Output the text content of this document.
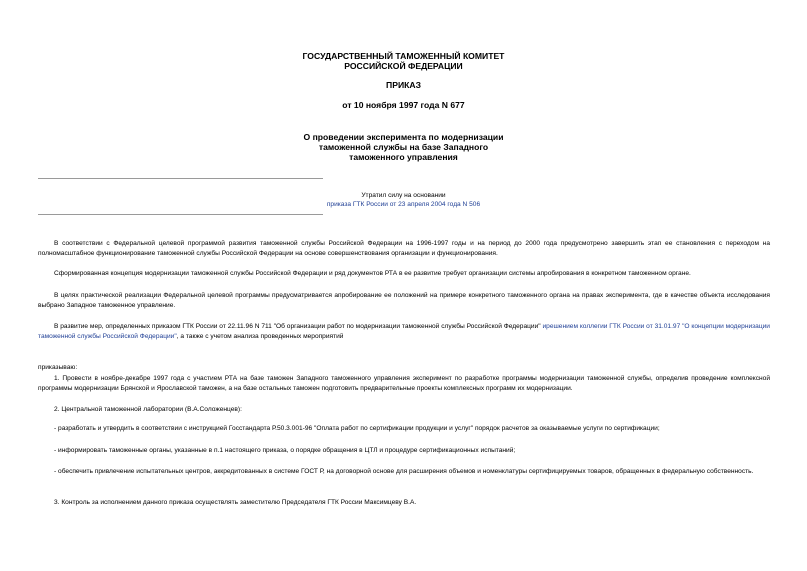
ГОСУДАРСТВЕННЫЙ ТАМОЖЕННЫЙ КОМИТЕТ
РОССИЙСКОЙ ФЕДЕРАЦИИ
ПРИКАЗ
от 10 ноября 1997 года N 677
О проведении эксперимента по модернизации
таможенной службы на базе Западного
таможенного управления
Утратил силу на основании
приказа ГТК России от 23 апреля 2004 года N 506
В соответствии с Федеральной целевой программой развития таможенной службы Российской Федерации на 1996-1997 годы и на период до 2000 года предусмотрено завершить этап ее становления с переходом на полномасштабное функционирование таможенной службы Российской Федерации на основе совершенствования организации и функционирования.
Сформированная концепция модернизации таможенной службы Российской Федерации и ряд документов РТА в ее развитие требует организации системы апробирования в конкретном таможенном органе.
В целях практической реализации Федеральной целевой программы предусматривается апробирование ее положений на примере конкретного таможенного органа на правах эксперимента, где в качестве объекта исследования выбрано Западное таможенное управление.
В развитие мер, определенных приказом ГТК России от 22.11.96 N 711 "Об организации работ по модернизации таможенной службы Российской Федерации" ирешением коллегии ГТК России от 31.01.97 "О концепции модернизации таможенной службы Российской Федерации", а также с учетом анализа проведенных мероприятий
приказываю:
1. Провести в ноябре-декабре 1997 года с участием РТА на базе таможен Западного таможенного управления эксперимент по разработке программы модернизации таможенной службы, определив проведение комплексной программы модернизации Брянской и Ярославской таможен, а на базе остальных таможен подготовить предварительные проекты комплексных программ их модернизации.
2. Центральной таможенной лаборатории (В.А.Соложенцев):
- разработать и утвердить в соответствии с инструкцией Госстандарта Р.50.3.001-96 "Оплата работ по сертификации продукции и услуг" порядок расчетов за оказываемые услуги по сертификации;
- информировать таможенные органы, указанные в п.1 настоящего приказа, о порядке обращения в ЦТЛ и процедуре сертификационных испытаний;
- обеспечить привлечение испытательных центров, аккредитованных в системе ГОСТ Р, на договорной основе для расширения объемов и номенклатуры сертифицируемых товаров, обращенных в федеральную собственность.
3. Контроль за исполнением данного приказа осуществлять заместителю Председателя ГТК России Максимцеву В.А.
